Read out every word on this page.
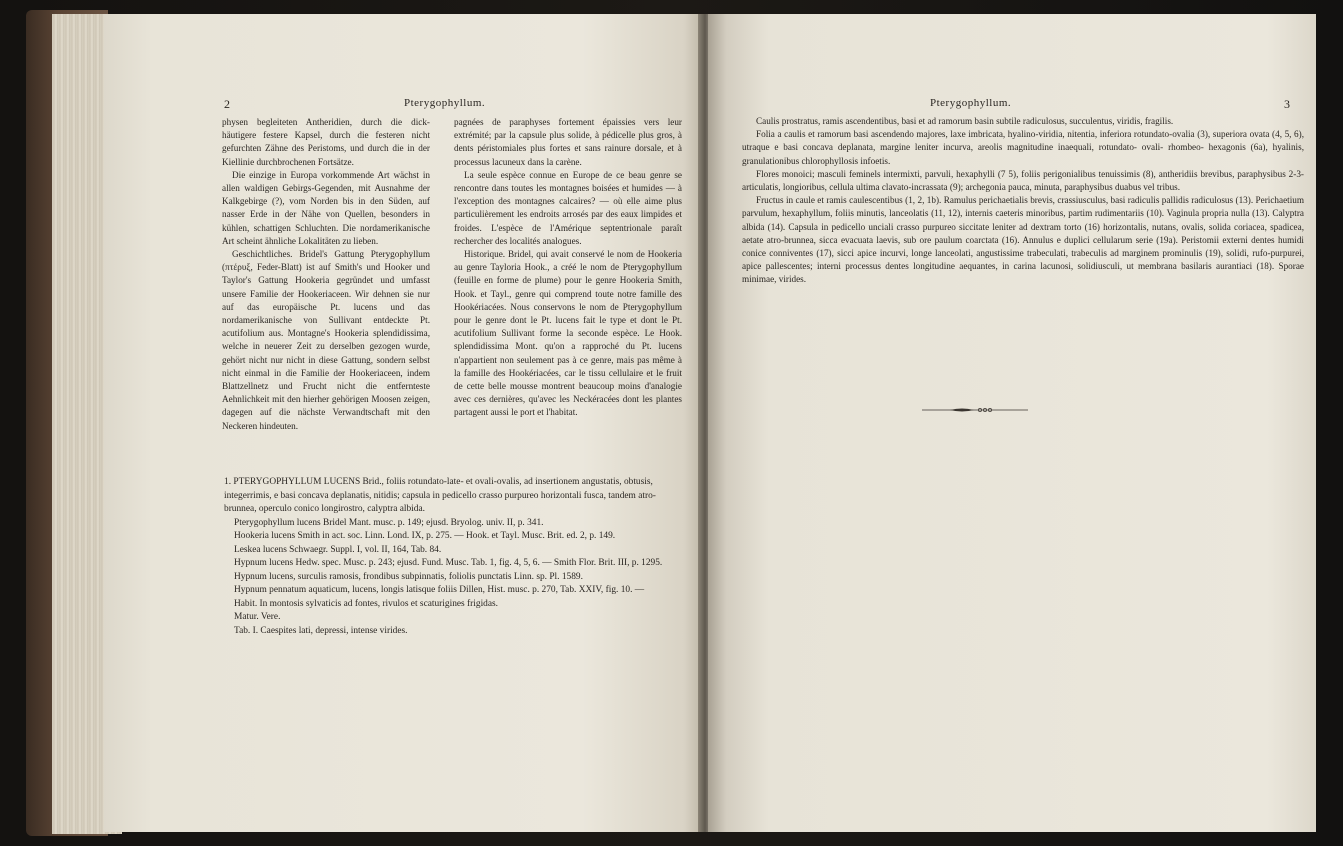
2	Pterygophyllum.

physen begleiteten Antheridien, durch die dick- häutigere festere Kapsel, durch die festeren nicht gefurchten Zähne des Peristoms, und durch die in der Kiellinie durchbrochenen Fortsätze.

Die einzige in Europa vorkommende Art wächst in allen waldigen Gebirgs-Gegenden, mit Ausnahme der Kalkgebirge (?), vom Norden bis in den Süden, auf nasser Erde in der Nähe von Quellen, besonders in kühlen, schattigen Schluchten. Die nordamerikanische Art scheint ähnliche Lokalitäten zu lieben.

Geschichtliches. Bridel's Gattung Pterygophyllum (πτέρυξ, Feder-Blatt) ist auf Smith's und Hooker und Taylor's Gattung Hookeria gegründet und umfasst unsere Familie der Hookeriaceen. Wir dehnen sie nur auf das europäische Pt. lucens und das nordamerikanische von Sullivant entdeckte Pt. acutifolium aus. Montagne's Hookeria splendidissima, welche in neuerer Zeit zu derselben gezogen wurde, gehört nicht nur nicht in diese Gattung, sondern selbst nicht einmal in die Familie der Hookeriaceen, indem Blattzellnetz und Frucht nicht die entfernteste Aehnlichkeit mit den hierher gehörigen Moosen zeigen, dagegen auf die nächste Verwandtschaft mit den Neckeren hindeuten.

pagnées de paraphyses fortement épaissies vers leur extrémité; par la capsule plus solide, à pédicelle plus gros, à dents péristomiales plus fortes et sans rainure dorsale, et à processus lacuneux dans la carène.

La seule espèce connue en Europe de ce beau genre se rencontre dans toutes les montagnes boisées et humides — à l'exception des montagnes calcaires? — où elle aime plus particulièrement les endroits arrosés par des eaux limpides et froides. L'espèce de l'Amérique septentrionale paraît rechercher des localités analogues.

Historique. Bridel, qui avait conservé le nom de Hookeria au genre Tayloria Hook., a créé le nom de Pterygophyllum (feuille en forme de plume) pour le genre Hookeria Smith, Hook. et Tayl., genre qui comprend toute notre famille des Hookériacées. Nous conservons le nom de Pterygophyllum pour le genre dont le Pt. lucens fait le type et dont le Pt. acutifolium Sullivant forme la seconde espèce. Le Hook. splendidissima Mont. qu'on a rapproché du Pt. lucens n'appartient non seulement pas à ce genre, mais pas même à la famille des Hookériacées, car le tissu cellulaire et le fruit de cette belle mousse montrent beaucoup moins d'analogie avec ces dernières, qu'avec les Neckéracées dont les plantes partagent aussi le port et l'habitat.

1. PTERYGOPHYLLUM LUCENS Brid., foliis rotundato-late- et ovali-ovalis, ad insertionem angustatis, obtusis, integerrimis, e basi concava deplanatis, nitidis; capsula in pedicello crasso purpureo horizontali fusca, tandem atro-brunnea, operculo conico longirostro, calyptra albida.

Pterygophyllum lucens Bridel Mant. musc. p. 149; ejusd. Bryolog. univ. II, p. 341.

Hookeria lucens Smith in act. soc. Linn. Lond. IX, p. 275. — Hook. et Tayl. Musc. Brit. ed. 2, p. 149.

Leskea lucens Schwaegr. Suppl. I, vol. II, 164, Tab. 84.

Hypnum lucens Hedw. spec. Musc. p. 243; ejusd. Fund. Musc. Tab. 1, fig. 4, 5, 6. — Smith Flor. Brit. III, p. 1295.

Hypnum lucens, surculis ramosis, frondibus subpinnatis, foliolis punctatis Linn. sp. Pl. 1589.

Hypnum pennatum aquaticum, lucens, longis latisque foliis Dillen, Hist. musc. p. 270, Tab. XXIV, fig. 10. —

Habit. In montosis sylvaticis ad fontes, rivulos et scaturigines frigidas.

Matur. Vere.

Tab. I. Caespites lati, depressi, intense virides.

Pterygophyllum.	3

Caulis prostratus, ramis ascendentibus, basi et ad ramorum basin subtile radiculosus, succulentus, viridis, fragilis.

Folia a caulis et ramorum basi ascendendo majores, laxe imbricata, hyalino-viridia, nitentia, inferiora rotundato-ovalia (3), superiora ovata (4, 5, 6), utraque e basi concava deplanata, margine leniter incurva, areolis magnitudine inaequali, rotundato- ovali- rhombeo- hexagonis (6a), hyalinis, granulationibus chlorophyllosis infoetis.

Flores monoici; masculi feminels intermixti, parvuli, hexaphylli (7 5), foliis perigonialibus tenuissimis (8), antheridiis brevibus, paraphysibus 2-3-articulatis, longioribus, cellula ultima clavato-incrassata (9); archegonia pauca, minuta, paraphysibus duabus vel tribus.

Fructus in caule et ramis caulescentibus (1, 2, 1b). Ramulus perichaetialis brevis, crassiusculus, basi radiculis pallidis radiculosus (13). Perichaetium parvulum, hexaphyllum, foliis minutis, lanceolatis (11, 12), internis caeteris minoribus, partim rudimentariis (10). Vaginula propria nulla (13). Calyptra albida (14). Capsula in pedicello unciali crasso purpureo siccitate leniter ad dextram torto (16) horizontalis, nutans, ovalis, solida coriacea, spadicea, aetate atro-brunnea, sicca evacuata laevis, sub ore paulum coarctata (16). Annulus e duplici cellularum serie (19a). Peristomii externi dentes humidi conice conniventes (17), sicci apice incurvi, longe lanceolati, angustissime trabeculati, trabeculis ad marginem prominulis (19), solidi, rufo-purpurei, apice pallescentes; interni processus dentes longitudine aequantes, in carina lacunosi, solidiusculi, ut membrana basilaris aurantiaci (18). Sporae minimae, virides.
